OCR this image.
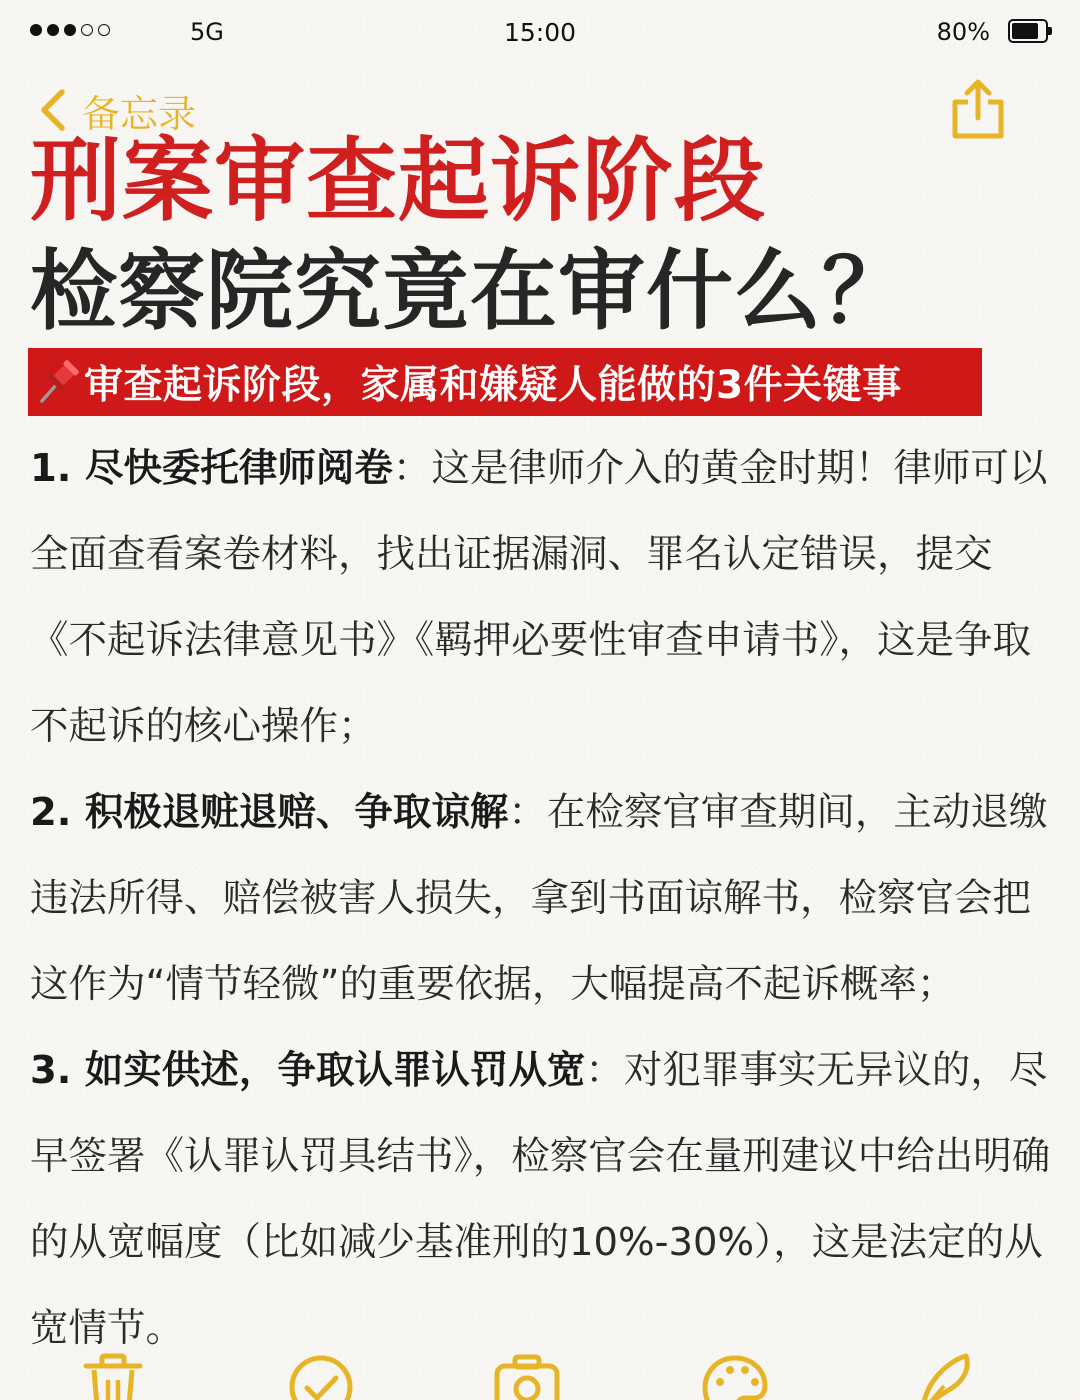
5G	15:00	80%
备忘录
刑案审查起诉阶段
检察院究竟在审什么？
审查起诉阶段，家属和嫌疑人能做的3件关键事

1. 尽快委托律师阅卷：这是律师介入的黄金时期！律师可以全面查看案卷材料，找出证据漏洞、罪名认定错误，提交《不起诉法律意见书》《羁押必要性审查申请书》，这是争取不起诉的核心操作；

2. 积极退赃退赔、争取谅解：在检察官审查期间，主动退缴违法所得、赔偿被害人损失，拿到书面谅解书，检察官会把这作为“情节轻微”的重要依据，大幅提高不起诉概率；

3. 如实供述，争取认罪认罚从宽：对犯罪事实无异议的，尽早签署《认罪认罚具结书》，检察官会在量刑建议中给出明确的从宽幅度（比如减少基准刑的10%-30%），这是法定的从宽情节。
